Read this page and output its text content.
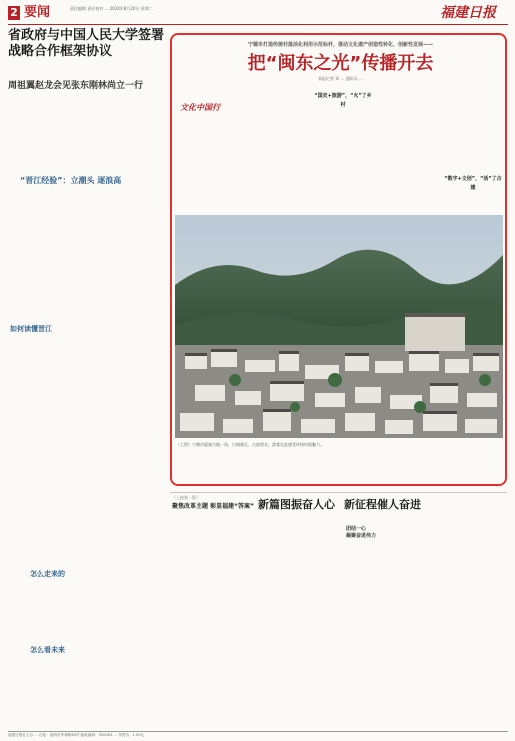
2 要闻	责任编辑 责任校对 ... 2024年8月20日 星期二	福建日报
省政府与中国人民大学签署战略合作框架协议
周祖翼赵龙会见张东刚林尚立一行
“晋江经验”：立潮头 逐浪高
如何读懂晋江
怎么走来的
怎么看未来
宁德市打造传统村落活化利用示范标杆，推动文化遗产创造性转化、创新性发展——
把“闽东之光”传播开去
本报记者 章 … 通讯员 …
文化中国行
“国史+旅游”，“火”了乡村
“数字+文创”，“活”了古建
（上图）宁德市霍童古镇一角，白墙黛瓦、古韵悠长，游客在此感受传统村落魅力。
（上接第一版）
聚焦改革主题 彰显福建“答案” 新篇图振奋人心 新征程催人奋进
团结一心
凝聚奋进伟力
福建日报社主办 … 社址：福州市华林路84号 邮政编码：350003 … 零售价：1.00元
